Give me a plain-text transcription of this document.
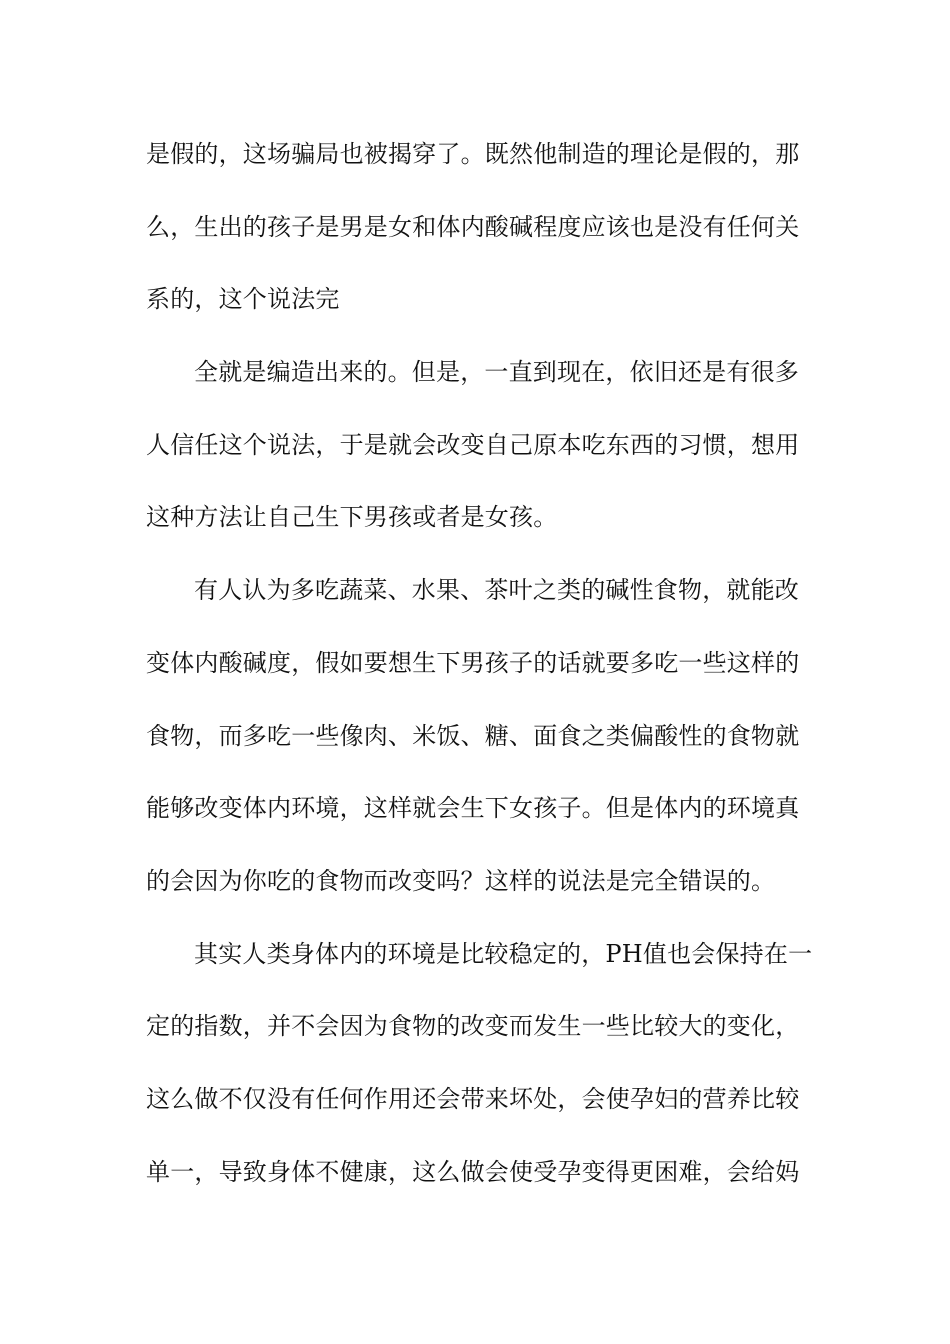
是假的，这场骗局也被揭穿了。既然他制造的理论是假的，那
么，生出的孩子是男是女和体内酸碱程度应该也是没有任何关
系的，这个说法完
全就是编造出来的。但是，一直到现在，依旧还是有很多
人信任这个说法，于是就会改变自己原本吃东西的习惯，想用
这种方法让自己生下男孩或者是女孩。
有人认为多吃蔬菜、水果、茶叶之类的碱性食物，就能改
变体内酸碱度，假如要想生下男孩子的话就要多吃一些这样的
食物，而多吃一些像肉、米饭、糖、面食之类偏酸性的食物就
能够改变体内环境，这样就会生下女孩子。但是体内的环境真
的会因为你吃的食物而改变吗？这样的说法是完全错误的。
其实人类身体内的环境是比较稳定的，PH值也会保持在一
定的指数，并不会因为食物的改变而发生一些比较大的变化，
这么做不仅没有任何作用还会带来坏处，会使孕妇的营养比较
单一，导致身体不健康，这么做会使受孕变得更困难，会给妈
